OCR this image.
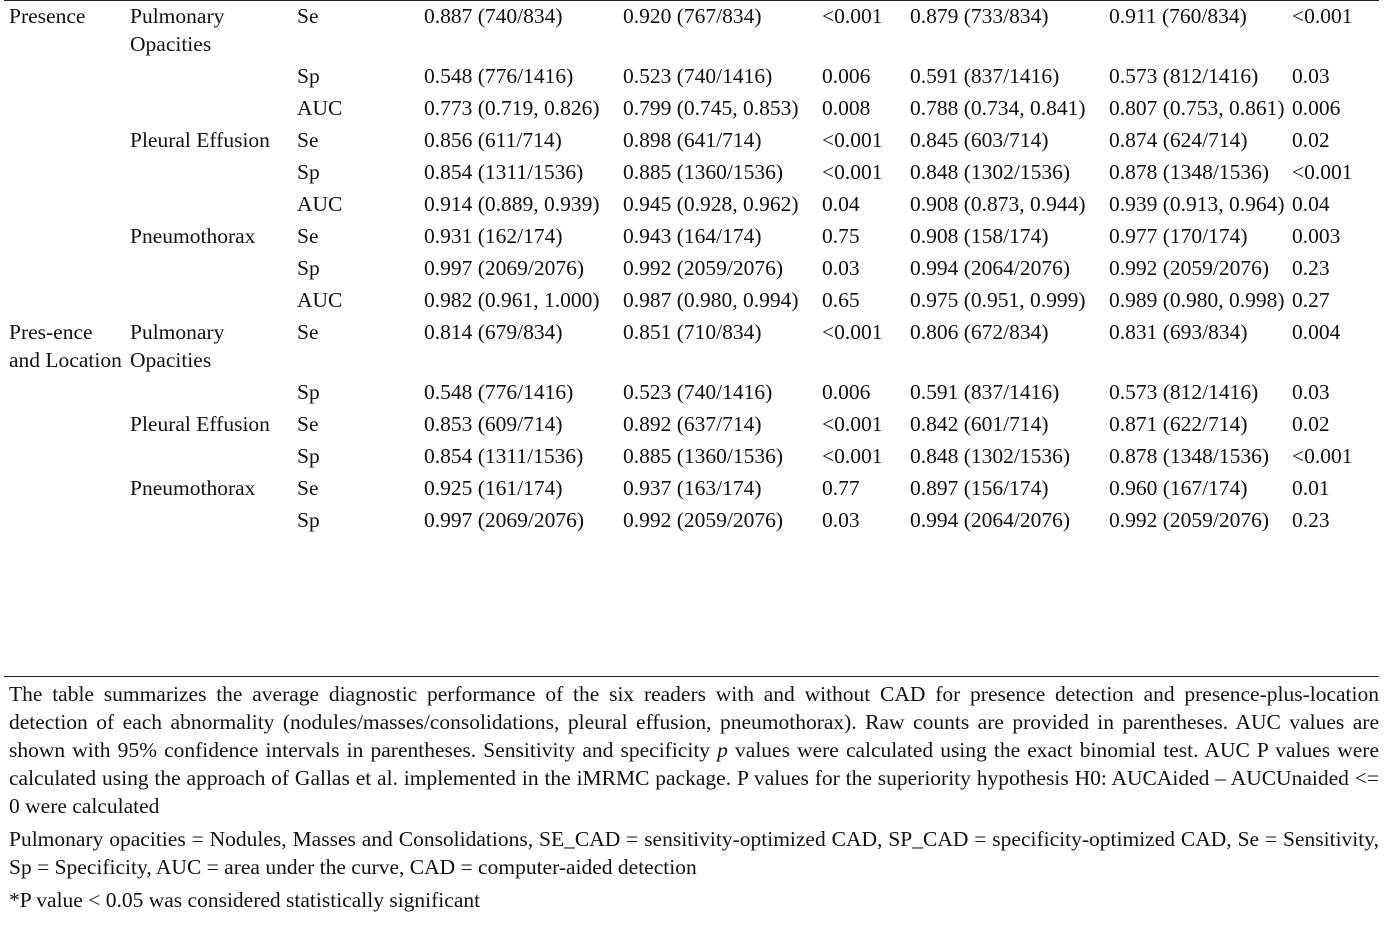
Presence	Pulmonary Opacities	Se	0.887 (740/834)	0.920 (767/834)	<0.001	0.879 (733/834)	0.911 (760/834)	<0.001
		Sp	0.548 (776/1416)	0.523 (740/1416)	0.006	0.591 (837/1416)	0.573 (812/1416)	0.03
		AUC	0.773 (0.719, 0.826)	0.799 (0.745, 0.853)	0.008	0.788 (0.734, 0.841)	0.807 (0.753, 0.861)	0.006
	Pleural Effusion	Se	0.856 (611/714)	0.898 (641/714)	<0.001	0.845 (603/714)	0.874 (624/714)	0.02
		Sp	0.854 (1311/1536)	0.885 (1360/1536)	<0.001	0.848 (1302/1536)	0.878 (1348/1536)	<0.001
		AUC	0.914 (0.889, 0.939)	0.945 (0.928, 0.962)	0.04	0.908 (0.873, 0.944)	0.939 (0.913, 0.964)	0.04
	Pneumothorax	Se	0.931 (162/174)	0.943 (164/174)	0.75	0.908 (158/174)	0.977 (170/174)	0.003
		Sp	0.997 (2069/2076)	0.992 (2059/2076)	0.03	0.994 (2064/2076)	0.992 (2059/2076)	0.23
		AUC	0.982 (0.961, 1.000)	0.987 (0.980, 0.994)	0.65	0.975 (0.951, 0.999)	0.989 (0.980, 0.998)	0.27
Pres-ence and Location	Pulmonary Opacities	Se	0.814 (679/834)	0.851 (710/834)	<0.001	0.806 (672/834)	0.831 (693/834)	0.004
		Sp	0.548 (776/1416)	0.523 (740/1416)	0.006	0.591 (837/1416)	0.573 (812/1416)	0.03
	Pleural Effusion	Se	0.853 (609/714)	0.892 (637/714)	<0.001	0.842 (601/714)	0.871 (622/714)	0.02
		Sp	0.854 (1311/1536)	0.885 (1360/1536)	<0.001	0.848 (1302/1536)	0.878 (1348/1536)	<0.001
	Pneumothorax	Se	0.925 (161/174)	0.937 (163/174)	0.77	0.897 (156/174)	0.960 (167/174)	0.01
		Sp	0.997 (2069/2076)	0.992 (2059/2076)	0.03	0.994 (2064/2076)	0.992 (2059/2076)	0.23

The table summarizes the average diagnostic performance of the six readers with and without CAD for presence detection and presence-plus-location detection of each abnormality (nodules/masses/consolidations, pleural effusion, pneumothorax). Raw counts are provided in parentheses. AUC values are shown with 95% confidence intervals in parentheses. Sensitivity and specificity p values were calculated using the exact binomial test. AUC P values were calculated using the approach of Gallas et al. implemented in the iMRMC package. P values for the superiority hypothesis H0: AUCAided – AUCUnaided <= 0 were calculated

Pulmonary opacities = Nodules, Masses and Consolidations, SE_CAD = sensitivity-optimized CAD, SP_CAD = specificity-optimized CAD, Se = Sensitivity, Sp = Specificity, AUC = area under the curve, CAD = computer-aided detection

*P value < 0.05 was considered statistically significant
